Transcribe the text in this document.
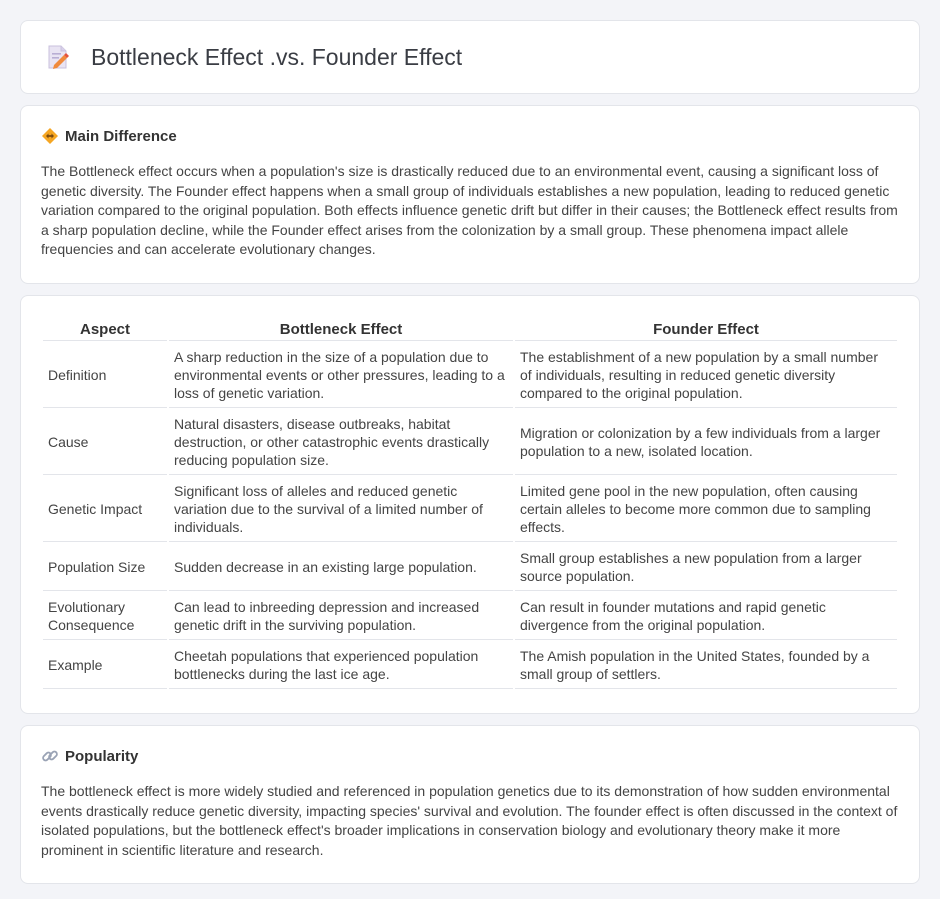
Bottleneck Effect .vs. Founder Effect
Main Difference

The Bottleneck effect occurs when a population's size is drastically reduced due to an environmental event, causing a significant loss of genetic diversity. The Founder effect happens when a small group of individuals establishes a new population, leading to reduced genetic variation compared to the original population. Both effects influence genetic drift but differ in their causes; the Bottleneck effect results from a sharp population decline, while the Founder effect arises from the colonization by a small group. These phenomena impact allele frequencies and can accelerate evolutionary changes.

Aspect	Bottleneck Effect	Founder Effect
Definition	A sharp reduction in the size of a population due to environmental events or other pressures, leading to a loss of genetic variation.	The establishment of a new population by a small number of individuals, resulting in reduced genetic diversity compared to the original population.
Cause	Natural disasters, disease outbreaks, habitat destruction, or other catastrophic events drastically reducing population size.	Migration or colonization by a few individuals from a larger population to a new, isolated location.
Genetic Impact	Significant loss of alleles and reduced genetic variation due to the survival of a limited number of individuals.	Limited gene pool in the new population, often causing certain alleles to become more common due to sampling effects.
Population Size	Sudden decrease in an existing large population.	Small group establishes a new population from a larger source population.
Evolutionary Consequence	Can lead to inbreeding depression and increased genetic drift in the surviving population.	Can result in founder mutations and rapid genetic divergence from the original population.
Example	Cheetah populations that experienced population bottlenecks during the last ice age.	The Amish population in the United States, founded by a small group of settlers.
Popularity

The bottleneck effect is more widely studied and referenced in population genetics due to its demonstration of how sudden environmental events drastically reduce genetic diversity, impacting species' survival and evolution. The founder effect is often discussed in the context of isolated populations, but the bottleneck effect's broader implications in conservation biology and evolutionary theory make it more prominent in scientific literature and research.
